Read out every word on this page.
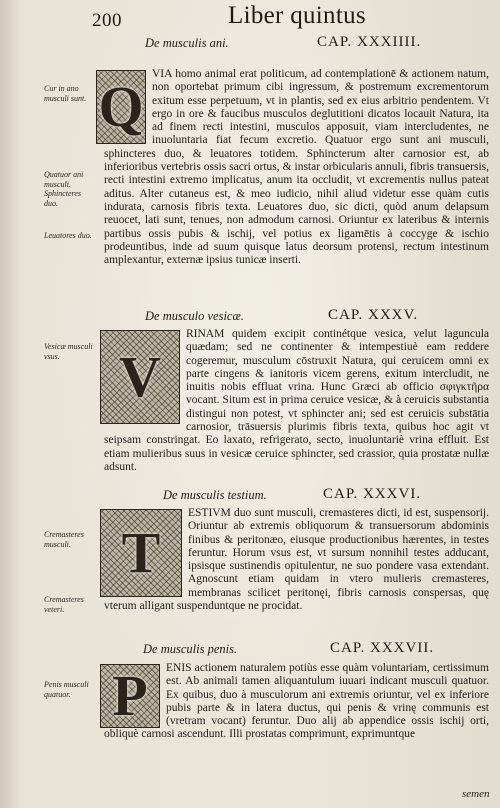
200	Liber quintus
De musculis ani.	CAP. XXXIIII.
Cur in ano musculi sunt.
Quatuor ani musculi. Sphincteres duo.
Leuatores duo.
Q VIA homo animal erat politicum, ad contemplationē & actionem natum, non oportebat primum cibi ingressum, & postremum excrementorum exitum esse perpetuum, vt in plantis, sed ex eius arbitrio pendentem. Vt ergo in ore & faucibus musculos deglutitioni dicatos locauit Natura, ita ad finem recti intestini, musculos apposuit, viam intercludentes, ne inuoluntaria fiat fecum excretio. Quatuor ergo sunt ani musculi, sphincteres duo, & leuatores totidem. Sphincterum alter carnosior est, ab inferioribus vertebris ossis sacri ortus, & instar orbicularis annuli, fibris transuersis, recti intestini extremo implicatus, anum ita occludit, vt excrementis nullus pateat aditus. Alter cutaneus est, & meo iudicio, nihil aliud videtur esse quàm cutis indurata, carnosis fibris texta. Leuatores duo, sic dicti, quòd anum delapsum reuocet, lati sunt, tenues, non admodum carnosi. Oriuntur ex lateribus & internis partibus ossis pubis & ischij, vel potius ex ligamētis à coccyge & ischio prodeuntibus, inde ad suum quisque latus deorsum protensi, rectum intestinum amplexantur, externæ ipsius tunicæ inserti.

De musculo vesicæ.	CAP. XXXV.
Vesicæ musculi vsus.	V

RINAM quidem excipit continétque vesica, velut laguncula quædam; sed ne continenter & intempestiuè eam reddere cogeremur, musculum cōstruxit Natura, qui ceruicem omni ex parte cingens & ianitoris vicem gerens, exitum intercludit, ne inuitis nobis effluat vrina. Hunc Græci ab officio σφιγκτῆρα vocant. Situm est in prima ceruice vesicæ, & à ceruicis substantia distingui non potest, vt sphincter ani; sed est ceruicis substātia carnosior, trāsuersis plurimis fibris texta, quibus hoc agit vt seipsam constringat. Eo laxato, refrigerato, secto, inuoluntariè vrina effluit. Est etiam mulieribus suus in vesicæ ceruice sphincter, sed crassior, quia prostatæ nullæ adsunt.

De musculis testium.	CAP. XXXVI.
Cremasteres musculi.
Cremasteres veteri.
T

ESTIVM duo sunt musculi, cremasteres dicti, id est, suspensorij. Oriuntur ab extremis obliquorum & transuersorum abdominis finibus & peritonæo, eiusque productionibus hærentes, in testes feruntur. Horum vsus est, vt sursum nonnihil testes adducant, ipsisque sustinendis opitulentur, ne suo pondere vasa extendant. Agnoscunt etiam quidam in vtero mulieris cremasteres, membranas scilicet peritonęi, fibris carnosis conspersas, quę vterum alligant suspenduntque ne procidat.

De musculis penis.	CAP. XXXVII.
Penis musculi quatuor. P	ENIS actionem naturalem potiùs esse quàm voluntariam, certissimum est. Ab animali tamen aliquantulum iuuari indicant musculi quatuor. Ex quibus, duo à musculorum ani extremis oriuntur, vel ex inferiore pubis parte & in latera ductus, qui penis & vrinę communis est (vretram vocant) feruntur. Duo alij ab appendice ossis ischij orti, obliquè carnosi ascendunt. Illi prostatas comprimunt, exprimuntque

semen
